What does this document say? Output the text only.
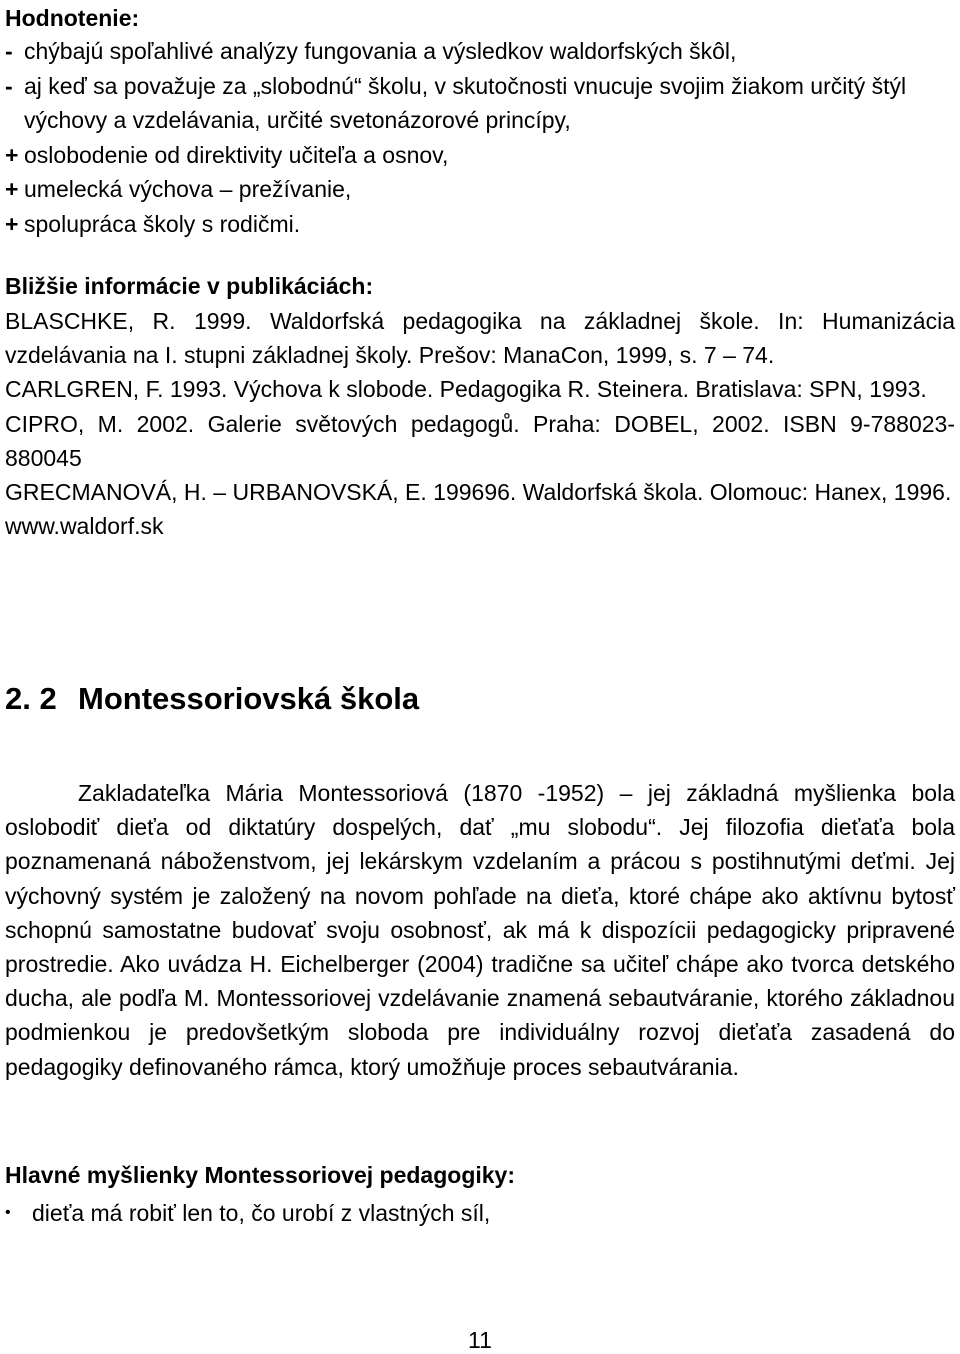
Hodnotenie:
- chýbajú spoľahlivé analýzy fungovania a výsledkov waldorfských škôl,
- aj keď sa považuje za „slobodnú“ školu, v skutočnosti vnucuje svojim žiakom určitý štýl výchovy a vzdelávania, určité svetonázorové princípy,
+ oslobodenie od direktivity učiteľa a osnov,
+ umelecká výchova – prežívanie,
+ spolupráca školy s rodičmi.
Bližšie informácie v publikáciách:
BLASCHKE, R. 1999. Waldorfská pedagogika na základnej škole. In: Humanizácia vzdelávania na I. stupni základnej školy. Prešov: ManaCon, 1999, s. 7 – 74.
CARLGREN, F. 1993. Výchova k slobode. Pedagogika R. Steinera. Bratislava: SPN, 1993.
CIPRO, M. 2002. Galerie světových pedagogů. Praha: DOBEL, 2002. ISBN 9-788023-880045
GRECMANOVÁ, H. – URBANOVSKÁ, E. 199696. Waldorfská škola. Olomouc: Hanex, 1996.
www.waldorf.sk
2. 2 Montessoriovská škola
Zakladateľka Mária Montessoriová (1870 -1952) – jej základná myšlienka bola oslobodiť dieťa od diktatúry dospelých, dať „mu slobodu“. Jej filozofia dieťaťa bola poznamenaná náboženstvom, jej lekárskym vzdelaním a prácou s postihnutými deťmi. Jej výchovný systém je založený na novom pohľade na dieťa, ktoré chápe ako aktívnu bytosť schopnú samostatne budovať svoju osobnosť, ak má k dispozícii pedagogicky pripravené prostredie. Ako uvádza H. Eichelberger (2004) tradične sa učiteľ chápe ako tvorca detského ducha, ale podľa M. Montessoriovej vzdelávanie znamená sebautváranie, ktorého základnou podmienkou je predovšetkým sloboda pre individuálny rozvoj dieťaťa zasadená do pedagogiky definovaného rámca, ktorý umožňuje proces sebautvárania.
Hlavné myšlienky Montessoriovej pedagogiky:
• dieťa má robiť len to, čo urobí z vlastných síl,
11
